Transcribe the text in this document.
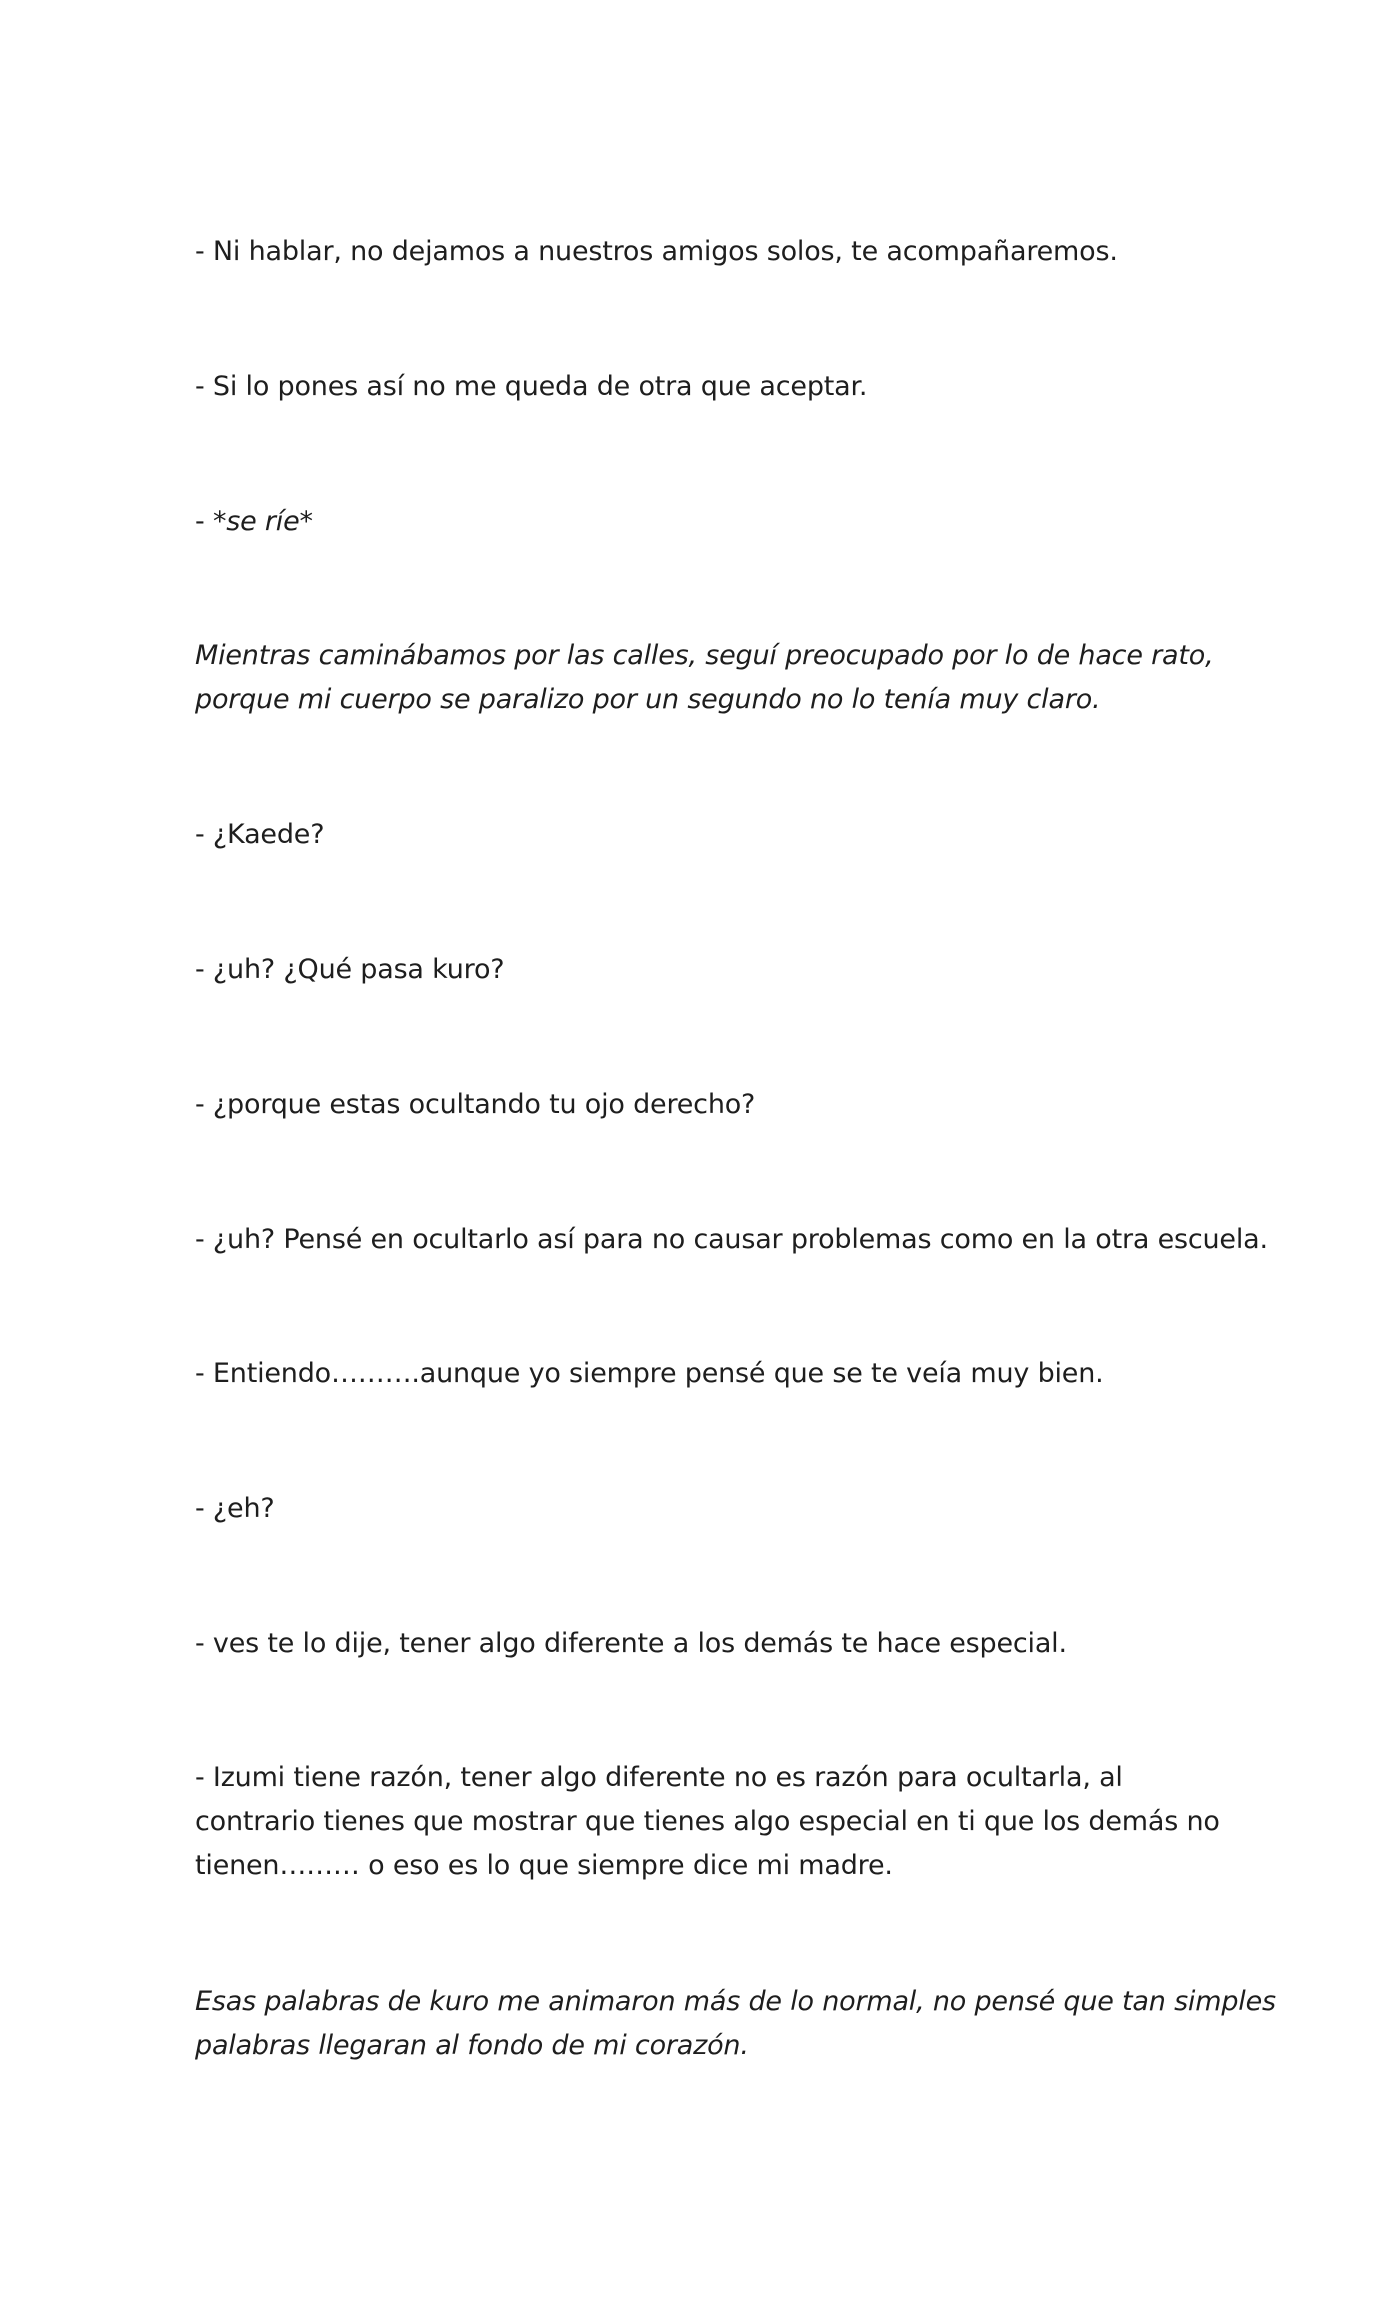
- Ni hablar, no dejamos a nuestros amigos solos, te acompañaremos.

- Si lo pones así no me queda de otra que aceptar.

- *se ríe*

Mientras caminábamos por las calles, seguí preocupado por lo de hace rato,
porque mi cuerpo se paralizo por un segundo no lo tenía muy claro.

- ¿Kaede?

- ¿uh? ¿Qué pasa kuro?

- ¿porque estas ocultando tu ojo derecho?

- ¿uh? Pensé en ocultarlo así para no causar problemas como en la otra escuela.

- Entiendo……….aunque yo siempre pensé que se te veía muy bien.

- ¿eh?

- ves te lo dije, tener algo diferente a los demás te hace especial.

- Izumi tiene razón, tener algo diferente no es razón para ocultarla, al
contrario tienes que mostrar que tienes algo especial en ti que los demás no
tienen……… o eso es lo que siempre dice mi madre.

Esas palabras de kuro me animaron más de lo normal, no pensé que tan simples
palabras llegaran al fondo de mi corazón.
